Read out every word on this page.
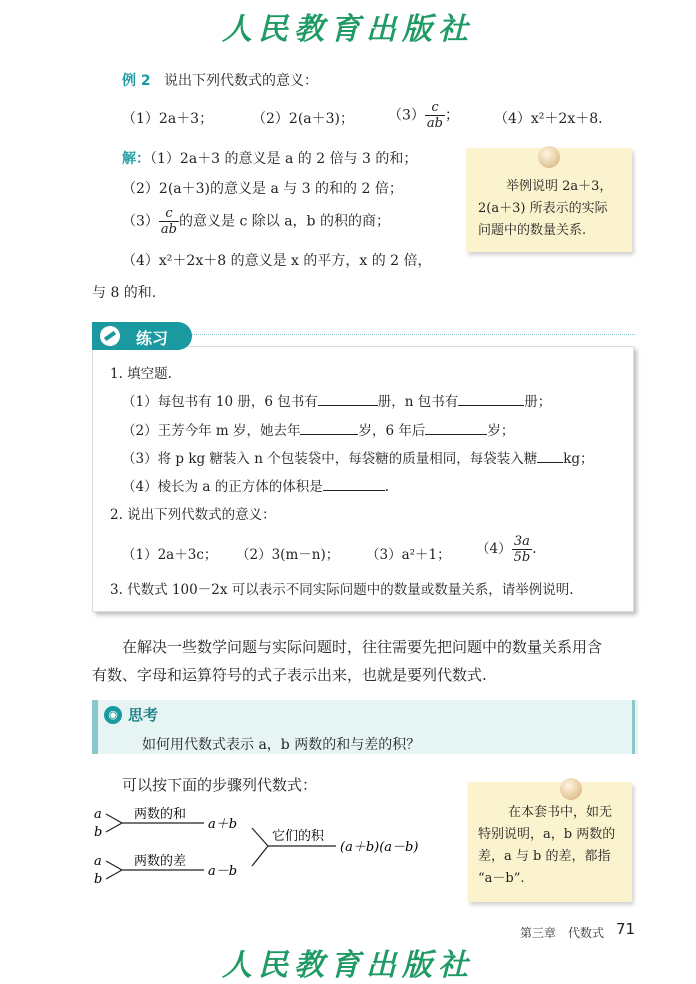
人民教育出版社
例 2 说出下列代数式的意义：
（1）2a＋3；	（2）2(a＋3)； $(3) \frac{c}{ab}$ ；	（4）x²＋2x＋8.
解：（1）2a＋3 的意义是 a 的 2 倍与 3 的和；
（2）2(a＋3)的意义是 a 与 3 的和的 2 倍；
$(3) \frac{c}{ab}$ 的意义是 c 除以 a，b 的积的商；
（4）x²＋2x＋8 的意义是 x 的平方，x 的 2 倍，
与 8 的和.
举例说明 2a＋3，
2(a＋3) 所表示的实际
问题中的数量关系.
练习
1. 填空题.
（1）每包书有 10 册，6 包书有	册，n 包书有	册；
（2）王芳今年 m 岁，她去年	岁，6 年后	岁；
（3）将 p kg 糖装入 n 个包装袋中，每袋糖的质量相同，每袋装入糖 kg；
（4）棱长为 a 的正方体的体积是	.
2. 说出下列代数式的意义：
（1）2a＋3c； （2）3(m－n)； （3）a²＋1； $(4) \frac{3a}{5b}$ .
3. 代数式 100－2x 可以表示不同实际问题中的数量或数量关系，请举例说明.
在解决一些数学问题与实际问题时，往往需要先把问题中的数量关系用含
有数、字母和运算符号的式子表示出来，也就是要列代数式.
◉ 思考
如何用代数式表示 a，b 两数的和与差的积？
可以按下面的步骤列代数式：
a
b
两数的和
a＋b
a
b
两数的差
a－b
它们的积
(a＋b)(a－b)
在本套书中，如无
特别说明，a，b 两数的
差，a 与 b 的差，都指
“a－b”.
第三章　代数式 71
人民教育出版社
